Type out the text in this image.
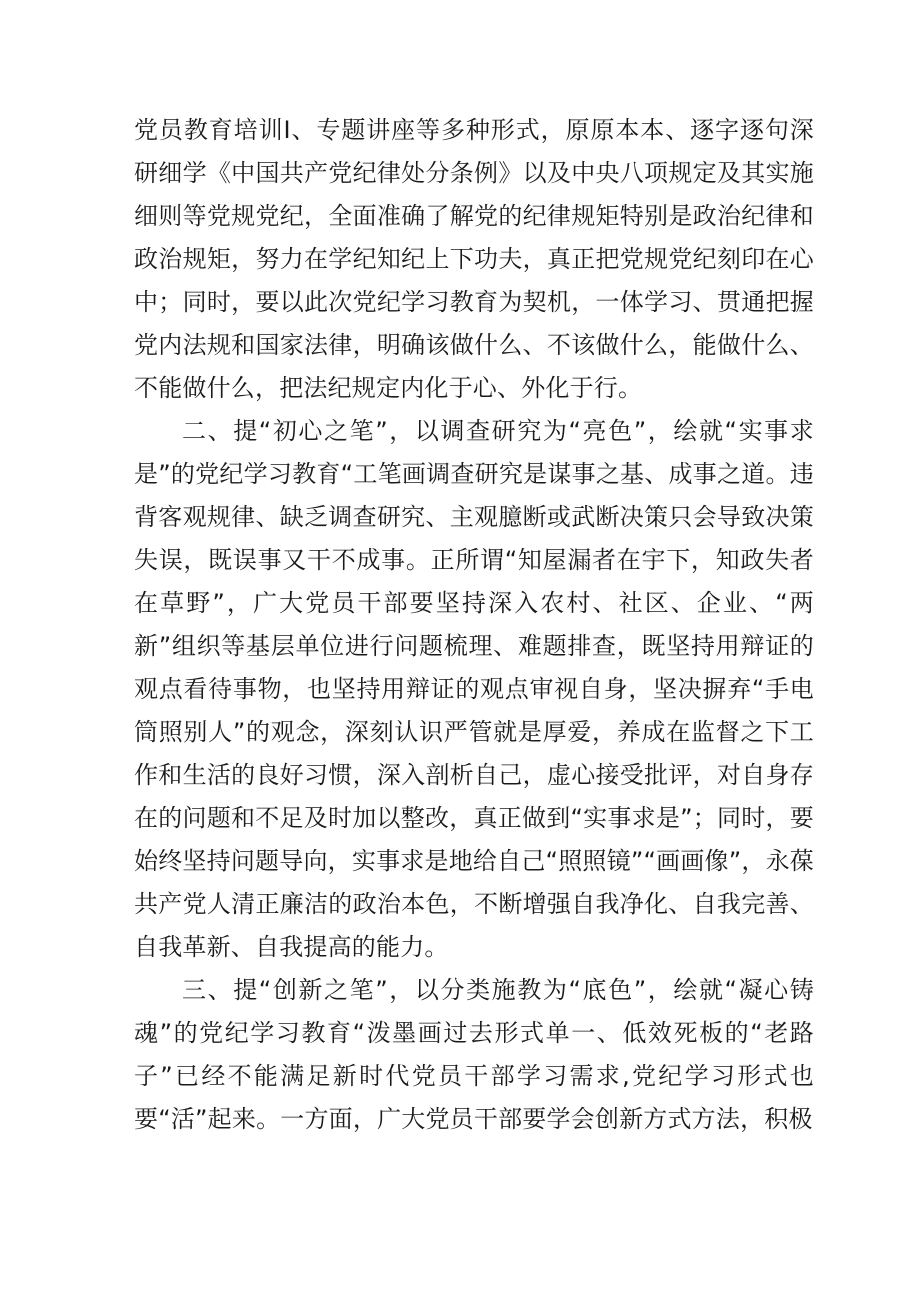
党员教育培训I、专题讲座等多种形式，原原本本、逐字逐句深研细学《中国共产党纪律处分条例》以及中央八项规定及其实施细则等党规党纪，全面准确了解党的纪律规矩特别是政治纪律和政治规矩，努力在学纪知纪上下功夫，真正把党规党纪刻印在心中；同时，要以此次党纪学习教育为契机，一体学习、贯通把握党内法规和国家法律，明确该做什么、不该做什么，能做什么、不能做什么，把法纪规定内化于心、外化于行。

二、提“初心之笔”，以调查研究为“亮色”，绘就“实事求是”的党纪学习教育“工笔画调查研究是谋事之基、成事之道。违背客观规律、缺乏调查研究、主观臆断或武断决策只会导致决策失误，既误事又干不成事。正所谓“知屋漏者在宇下，知政失者在草野”，广大党员干部要坚持深入农村、社区、企业、“两新”组织等基层单位进行问题梳理、难题排查，既坚持用辩证的观点看待事物，也坚持用辩证的观点审视自身，坚决摒弃“手电筒照别人”的观念，深刻认识严管就是厚爱，养成在监督之下工作和生活的良好习惯，深入剖析自己，虚心接受批评，对自身存在的问题和不足及时加以整改，真正做到“实事求是”；同时，要始终坚持问题导向，实事求是地给自己“照照镜”“画画像”，永葆共产党人清正廉洁的政治本色，不断增强自我净化、自我完善、自我革新、自我提高的能力。

三、提“创新之笔”，以分类施教为“底色”，绘就“凝心铸魂”的党纪学习教育“泼墨画过去形式单一、低效死板的“老路子”已经不能满足新时代党员干部学习需求,党纪学习形式也要“活”起来。一方面，广大党员干部要学会创新方式方法，积极
